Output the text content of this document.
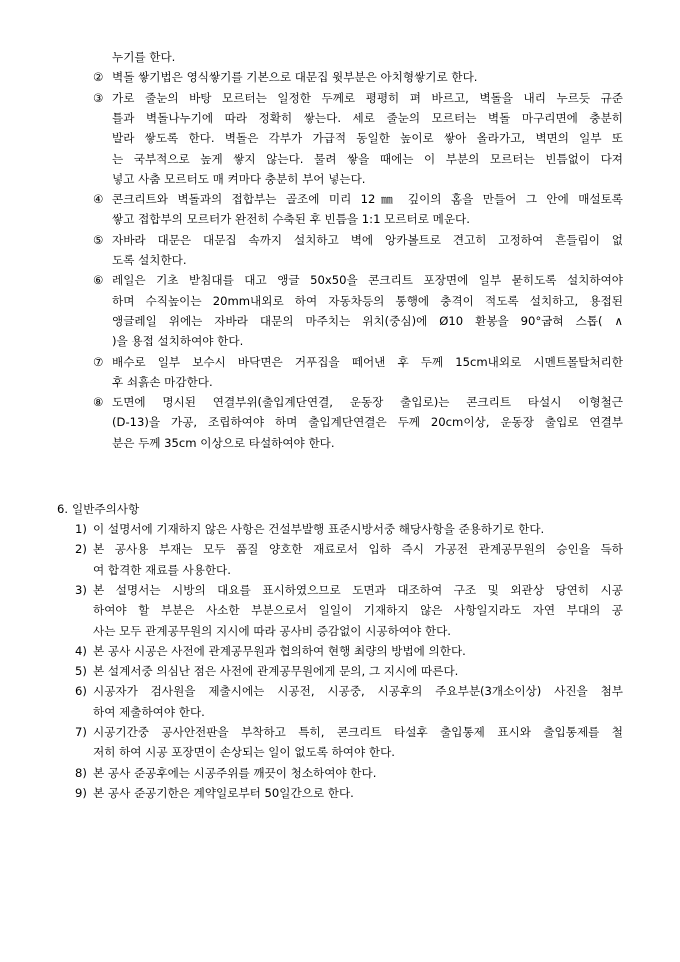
누기를 한다.
② 벽돌 쌓기법은 영식쌓기를 기본으로 대문집 윗부분은 아치형쌓기로 한다.
③ 가로 줄눈의 바탕 모르터는 일정한 두께로 평평히 펴 바르고, 벽돌을 내리 누르듯 규준
틀과 벽돌나누기에 따라 정확히 쌓는다. 세로 줄눈의 모르터는 벽돌 마구리면에 충분히
발라 쌓도록 한다. 벽돌은 각부가 가급적 동일한 높이로 쌓아 올라가고, 벽면의 일부 또
는 국부적으로 높게 쌓지 않는다. 물려 쌓을 때에는 이 부분의 모르터는 빈틈없이 다져
넣고 사춤 모르터도 매 켜마다 충분히 부어 넣는다.
④ 콘크리트와 벽돌과의 접합부는 골조에 미리 12㎜ 깊이의 홈을 만들어 그 안에 매설토록
쌓고 접합부의 모르터가 완전히 수축된 후 빈틈을 1:1 모르터로 메운다.
⑤ 자바라 대문은 대문집 속까지 설치하고 벽에 앙카볼트로 견고히 고정하여 흔들림이 없
도록 설치한다.
⑥ 레일은 기초 받침대를 대고 앵글 50x50을 콘크리트 포장면에 일부 묻히도록 설치하여야
하며 수직높이는 20mm내외로 하여 자동차등의 통행에 충격이 적도록 설치하고, 용접된
앵글레일 위에는 자바라 대문의 마주치는 위치(중심)에 Ø10 환봉을 90°굽혀 스톱( ∧
)을 용접 설치하여야 한다.
⑦ 배수로 일부 보수시 바닥면은 거푸집을 떼어낸 후 두께 15cm내외로 시멘트몰탈처리한
후 쇠흙손 마감한다.
⑧ 도면에 명시된 연결부위(출입계단연결, 운동장 출입로)는 콘크리트 타설시 이형철근
(D-13)을 가공, 조립하여야 하며 출입계단연결은 두께 20cm이상, 운동장 출입로 연결부
분은 두께 35cm 이상으로 타설하여야 한다.
6. 일반주의사항
1) 이 설명서에 기재하지 않은 사항은 건설부발행 표준시방서중 해당사항을 준용하기로 한다.
2) 본 공사용 부재는 모두 품질 양호한 재료로서 입하 즉시 가공전 관계공무원의 승인을 득하
여 합격한 재료를 사용한다.
3) 본 설명서는 시방의 대요를 표시하였으므로 도면과 대조하여 구조 및 외관상 당연히 시공
하여야 할 부분은 사소한 부분으로서 일일이 기재하지 않은 사항일지라도 자연 부대의 공
사는 모두 관계공무원의 지시에 따라 공사비 증감없이 시공하여야 한다.
4) 본 공사 시공은 사전에 관계공무원과 협의하여 현행 최량의 방법에 의한다.
5) 본 설계서중 의심난 점은 사전에 관계공무원에게 문의, 그 지시에 따른다.
6) 시공자가 검사원을 제출시에는 시공전, 시공중, 시공후의 주요부분(3개소이상) 사진을 첨부
하여 제출하여야 한다.
7) 시공기간중 공사안전판을 부착하고 특히, 콘크리트 타설후 출입통제 표시와 출입통제를 철
저히 하여 시공 포장면이 손상되는 일이 없도록 하여야 한다.
8) 본 공사 준공후에는 시공주위를 깨끗이 청소하여야 한다.
9) 본 공사 준공기한은 계약일로부터 50일간으로 한다.
